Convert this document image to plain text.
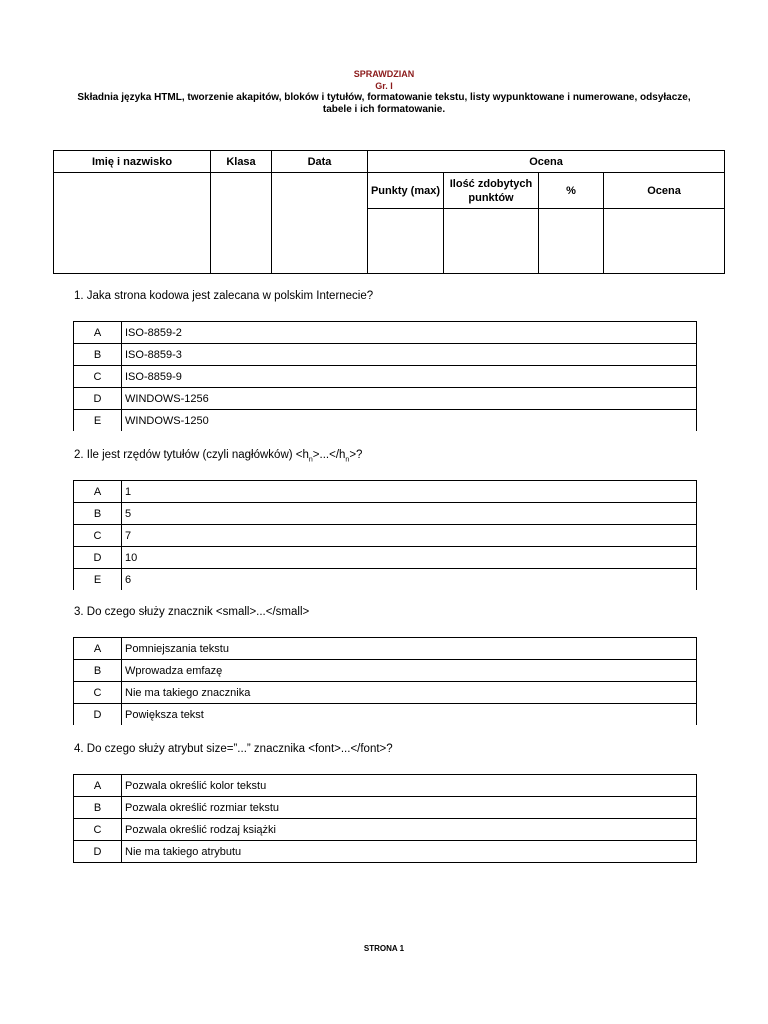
SPRAWDZIAN
Gr. I
Składnia języka HTML, tworzenie akapitów, bloków i tytułów, formatowanie tekstu, listy wypunktowane i numerowane, odsyłacze, tabele i ich formatowanie.
Imię i nazwisko	Klasa	Data	Ocena			
			Punkty (max)	Ilość zdobytych punktów	%	Ocena

1. Jaka strona kodowa jest zalecana w polskim Internecie?
A	ISO-8859-2
B	ISO-8859-3
C	ISO-8859-9
D	WINDOWS-1256
E	WINDOWS-1250
2. Ile jest rzędów tytułów (czyli nagłówków) $<h_n>...</h_n>$?
A	1
B	5
C	7
D	10
E	6
3. Do czego służy znacznik <small>...</small>
A	Pomniejszania tekstu
B	Wprowadza emfazę
C	Nie ma takiego znacznika
D	Powiększa tekst
4. Do czego służy atrybut size=”...” znacznika <font>...</font>?
A	Pozwala określić kolor tekstu
B	Pozwala określić rozmiar tekstu
C	Pozwala określić rodzaj książki
D	Nie ma takiego atrybutu
STRONA 1
